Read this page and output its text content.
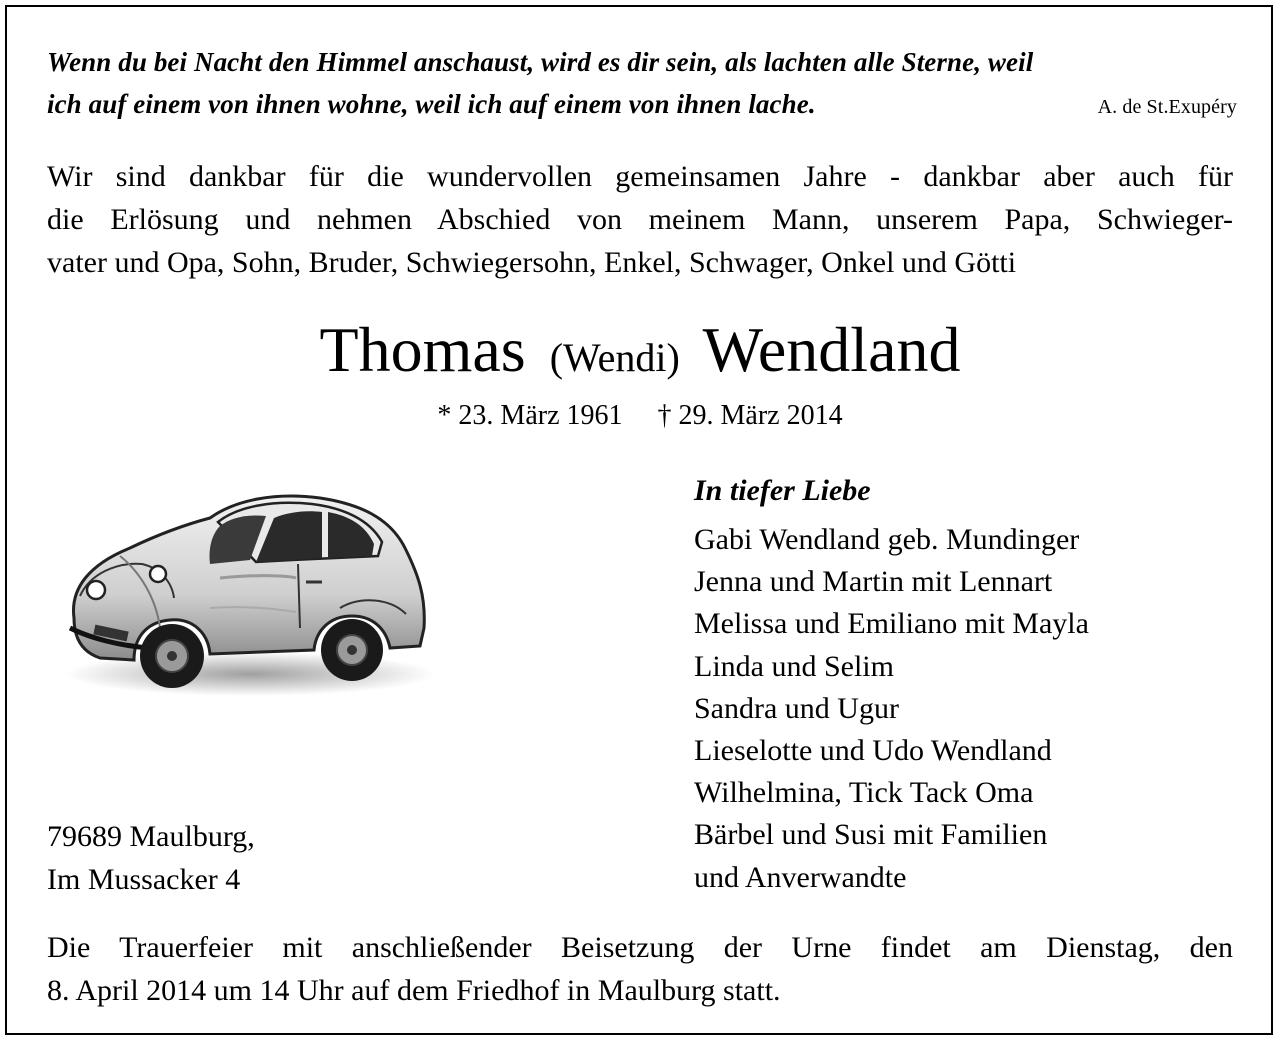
Wenn du bei Nacht den Himmel anschaust, wird es dir sein, als lachten alle Sterne, weil
ich auf einem von ihnen wohne, weil ich auf einem von ihnen lache.	A. de St.Exupéry
Wir sind dankbar für die wundervollen gemeinsamen Jahre - dankbar aber auch für
die Erlösung und nehmen Abschied von meinem Mann, unserem Papa, Schwieger-
vater und Opa, Sohn, Bruder, Schwiegersohn, Enkel, Schwager, Onkel und Götti
Thomas (Wendi) Wendland
* 23. März 1961 † 29. März 2014
79689 Maulburg,
Im Mussacker 4
In tiefer Liebe
Gabi Wendland geb. Mundinger
Jenna und Martin mit Lennart
Melissa und Emiliano mit Mayla
Linda und Selim
Sandra und Ugur
Lieselotte und Udo Wendland
Wilhelmina, Tick Tack Oma
Bärbel und Susi mit Familien
und Anverwandte
Die Trauerfeier mit anschließender Beisetzung der Urne findet am Dienstag, den
8. April 2014 um 14 Uhr auf dem Friedhof in Maulburg statt.
